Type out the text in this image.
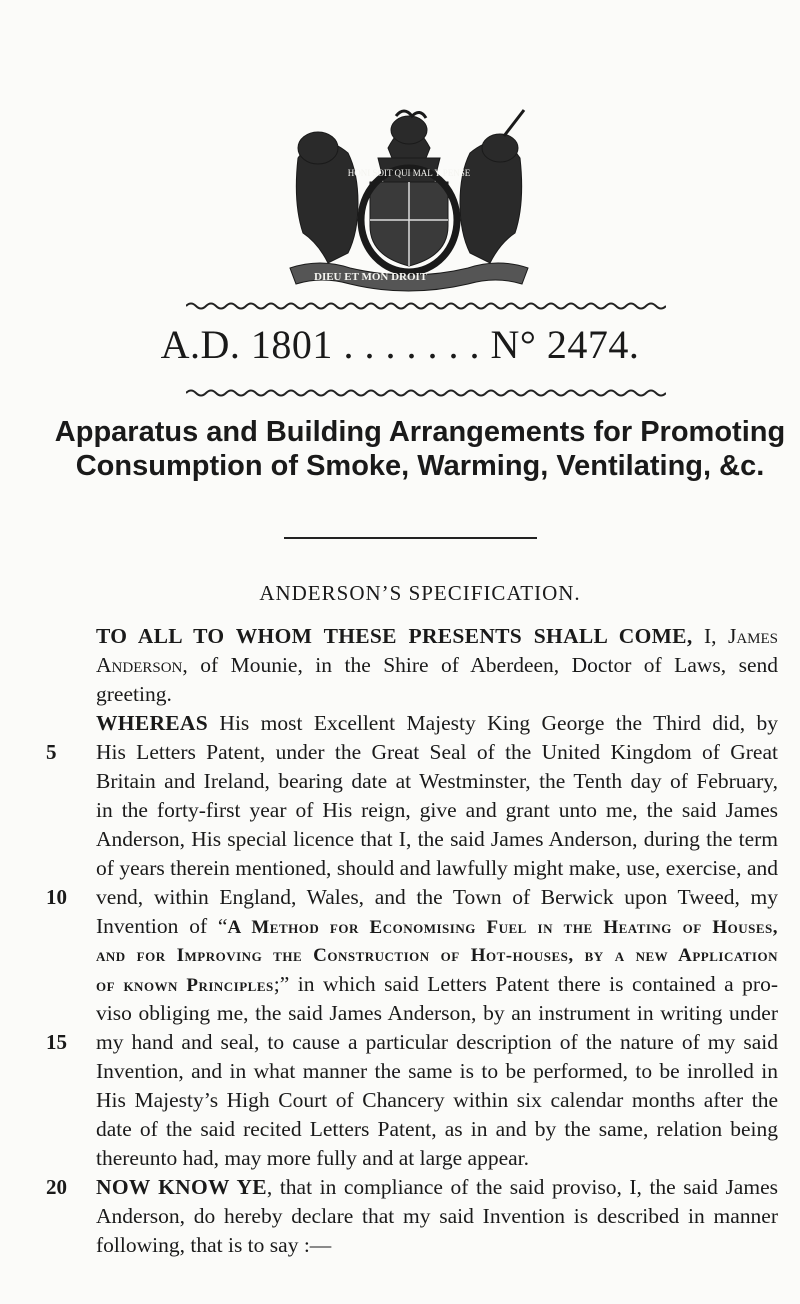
DIEU ET MON DROIT
HONI SOIT QUI MAL Y PENSE
A.D. 1801 . . . . . . . N° 2474.
Apparatus and Building Arrangements for Promoting
Consumption of Smoke, Warming, Ventilating, &c.
ANDERSON’S SPECIFICATION.
TO ALL TO WHOM THESE PRESENTS SHALL COME, I, James
Anderson, of Mounie, in the Shire of Aberdeen, Doctor of Laws, send
greeting.
WHEREAS His most Excellent Majesty King George the Third did, by
His Letters Patent, under the Great Seal of the United Kingdom of Great
Britain and Ireland, bearing date at Westminster, the Tenth day of February,
in the forty-first year of His reign, give and grant unto me, the said James
Anderson, His special licence that I, the said James Anderson, during the term
of years therein mentioned, should and lawfully might make, use, exercise, and
vend, within England, Wales, and the Town of Berwick upon Tweed, my
Invention of “A Method for Economising Fuel in the Heating of Houses,
and for Improving the Construction of Hot-houses, by a new Application
of known Principles;” in which said Letters Patent there is contained a pro-
viso obliging me, the said James Anderson, by an instrument in writing under
my hand and seal, to cause a particular description of the nature of my said
Invention, and in what manner the same is to be performed, to be inrolled in
His Majesty’s High Court of Chancery within six calendar months after the
date of the said recited Letters Patent, as in and by the same, relation being
thereunto had, may more fully and at large appear.
NOW KNOW YE, that in compliance of the said proviso, I, the said James
Anderson, do hereby declare that my said Invention is described in manner
following, that is to say :—
5
10
15
20
